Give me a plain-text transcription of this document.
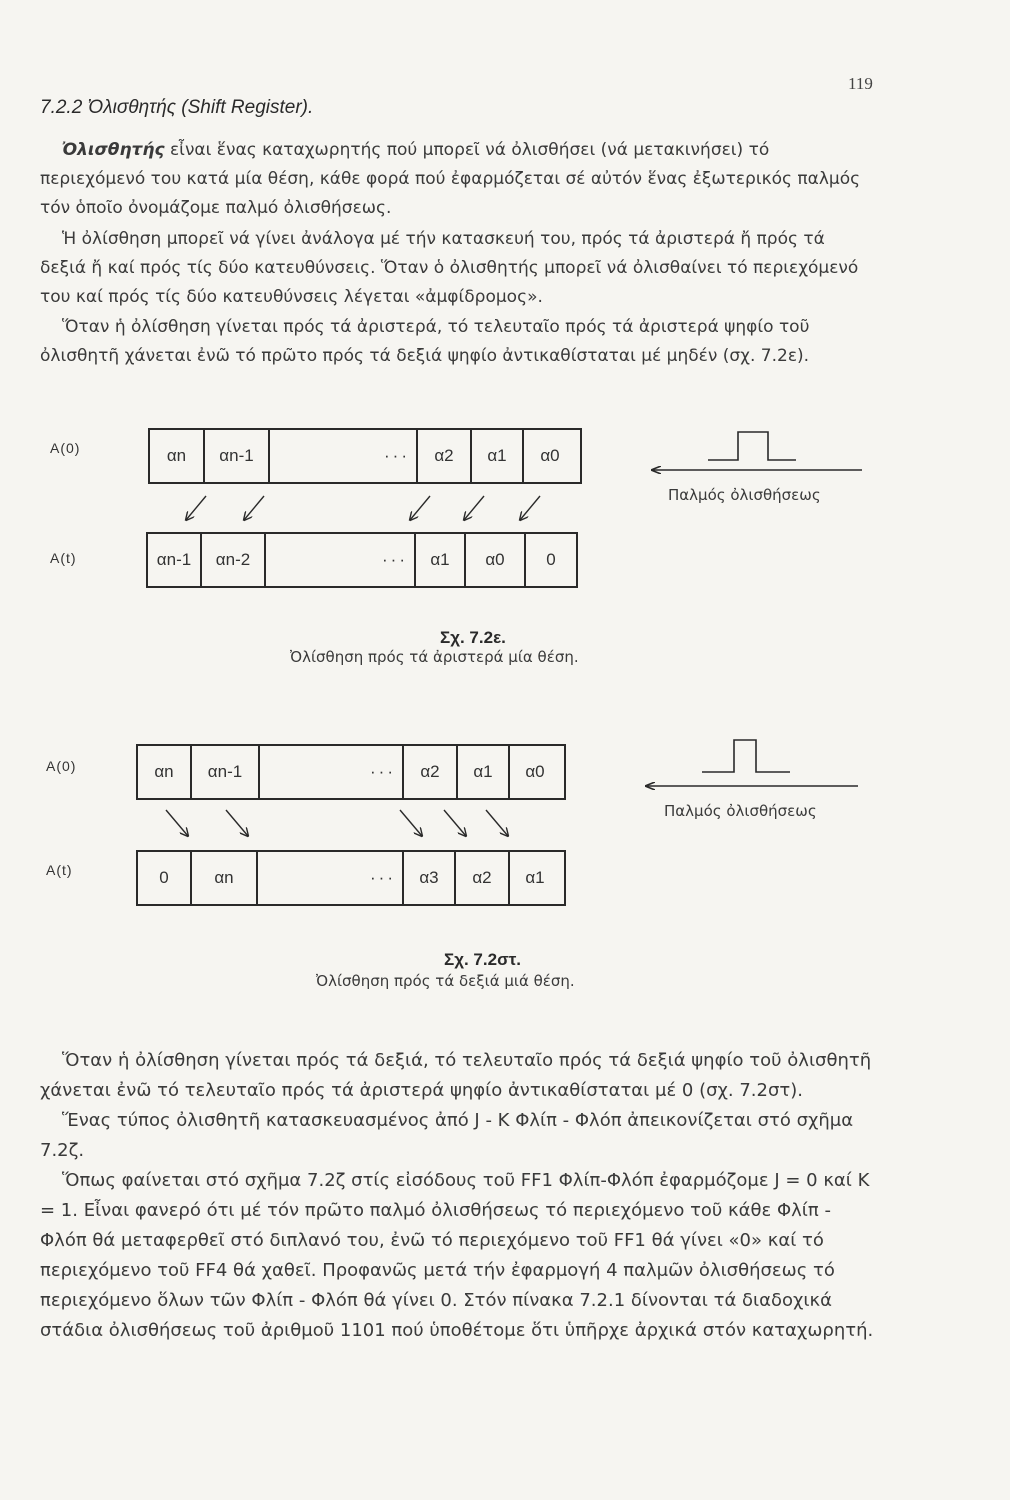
119
7.2.2 Ὀλισθητής (Shift Register).

Ὀλισθητής εἶναι ἕνας καταχωρητής πού μπορεῖ νά ὀλισθήσει (νά μετακινήσει) τό περιεχόμενό του κατά μία θέση, κάθε φορά πού ἐφαρμόζεται σέ αὐτόν ἕνας ἐξωτερικός παλμός τόν ὁποῖο ὀνομάζομε παλμό ὀλισθήσεως.

Ἡ ὀλίσθηση μπορεῖ νά γίνει ἀνάλογα μέ τήν κατασκευή του, πρός τά ἀριστερά ἤ πρός τά δεξιά ἤ καί πρός τίς δύο κατευθύνσεις. Ὅταν ὁ ὀλισθητής μπορεῖ νά ὀλισθαίνει τό περιεχόμενό του καί πρός τίς δύο κατευθύνσεις λέγεται «ἀμφίδρομος».

Ὅταν ἡ ὀλίσθηση γίνεται πρός τά ἀριστερά, τό τελευταῖο πρός τά ἀριστερά ψηφίο τοῦ ὀλισθητῆ χάνεται ἐνῶ τό πρῶτο πρός τά δεξιά ψηφίο ἀντικαθίσταται μέ μηδέν (σχ. 7.2ε).

A(0)	αn	αn-1	···	α2	α1	α0
A(t)	αn-1	αn-2	···	α1	α0	0
Παλμός ὀλισθήσεως
Σχ. 7.2ε.
Ὀλίσθηση πρός τά ἀριστερά μία θέση.
A(0)	αn	αn-1	···	α2	α1	α0
A(t)	0	αn	···	α3	α2	α1
Παλμός ὀλισθήσεως
Σχ. 7.2στ.
Ὀλίσθηση πρός τά δεξιά μιά θέση.

Ὅταν ἡ ὀλίσθηση γίνεται πρός τά δεξιά, τό τελευταῖο πρός τά δεξιά ψηφίο τοῦ ὀλισθητῆ χάνεται ἐνῶ τό τελευταῖο πρός τά ἀριστερά ψηφίο ἀντικαθίσταται μέ 0 (σχ. 7.2στ).

Ἕνας τύπος ὀλισθητῆ κατασκευασμένος ἀπό J - K Φλίπ - Φλόπ ἀπεικονίζεται στό σχῆμα 7.2ζ.

Ὅπως φαίνεται στό σχῆμα 7.2ζ στίς εἰσόδους τοῦ FF1 Φλίπ-Φλόπ ἐφαρμόζομε J = 0 καί K = 1. Εἶναι φανερό ότι μέ τόν πρῶτο παλμό ὀλισθήσεως τό περιεχόμενο τοῦ κάθε Φλίπ - Φλόπ θά μεταφερθεῖ στό διπλανό του, ἐνῶ τό περιεχόμενο τοῦ FF1 θά γίνει «0» καί τό περιεχόμενο τοῦ FF4 θά χαθεῖ. Προφανῶς μετά τήν ἐφαρμογή 4 παλμῶν ὀλισθήσεως τό περιεχόμενο ὅλων τῶν Φλίπ - Φλόπ θά γίνει 0. Στόν πίνακα 7.2.1 δίνονται τά διαδοχικά στάδια ὀλισθήσεως τοῦ ἀριθμοῦ 1101 πού ὑποθέτομε ὅτι ὑπῆρχε ἀρχικά στόν καταχωρητή.
